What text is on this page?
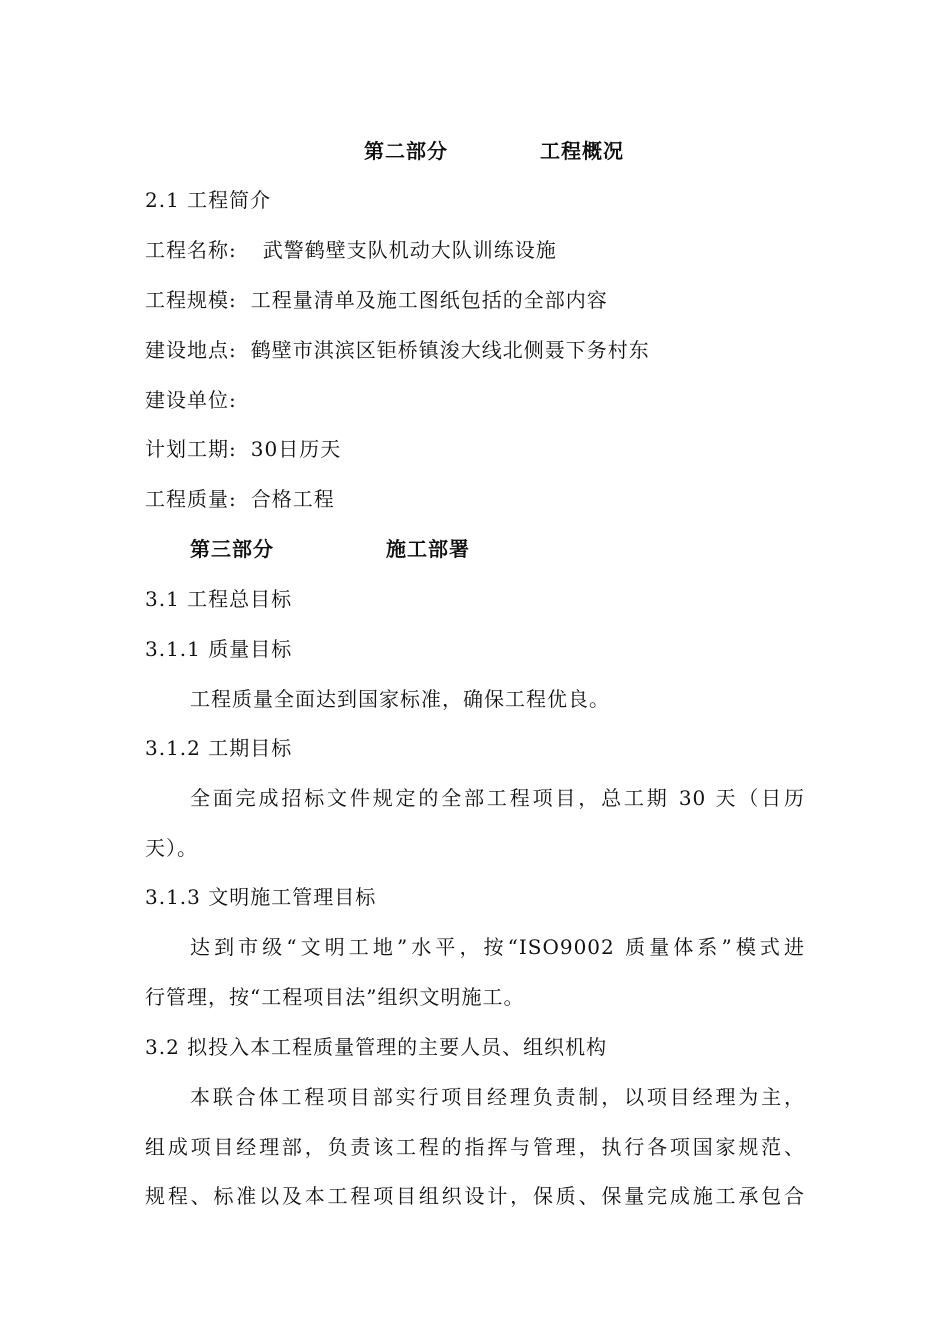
第二部分	工程概况
2.1 工程简介
工程名称: 武警鹤壁支队机动大队训练设施
工程规模: 工程量清单及施工图纸包括的全部内容
建设地点: 鹤壁市淇滨区钜桥镇浚大线北侧聂下务村东
建设单位:
计划工期: 30日历天
工程质量: 合格工程
第三部分	施工部署
3.1 工程总目标
3.1.1 质量目标
工程质量全面达到国家标准，确保工程优良。
3.1.2 工期目标
全面完成招标文件规定的全部工程项目，总工期 30 天（日历
天）。
3.1.3 文明施工管理目标
达到市级“文明工地”水平，按“ISO9002 质量体系”模式进
行管理，按“工程项目法”组织文明施工。
3.2 拟投入本工程质量管理的主要人员、组织机构
本联合体工程项目部实行项目经理负责制，以项目经理为主，
组成项目经理部，负责该工程的指挥与管理，执行各项国家规范、
规程、标准以及本工程项目组织设计，保质、保量完成施工承包合
